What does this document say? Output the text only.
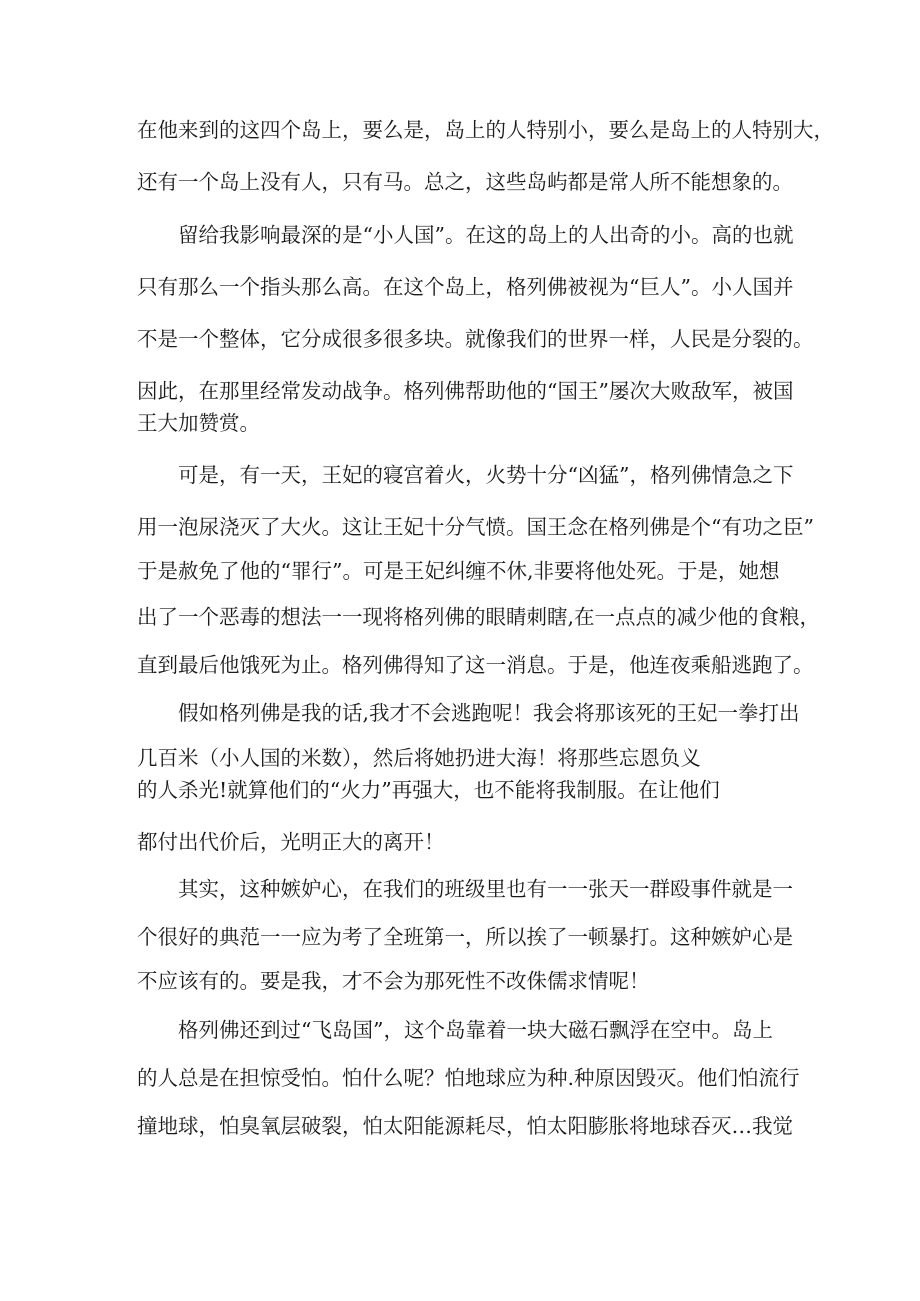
在他来到的这四个岛上，要么是，岛上的人特别小，要么是岛上的人特别大，
还有一个岛上没有人，只有马。总之，这些岛屿都是常人所不能想象的。
留给我影响最深的是“小人国”。在这的岛上的人出奇的小。高的也就
只有那么一个指头那么高。在这个岛上，格列佛被视为“巨人”。小人国并
不是一个整体，它分成很多很多块。就像我们的世界一样，人民是分裂的。
因此，在那里经常发动战争。格列佛帮助他的“国王”屡次大败敌军，被国
王大加赞赏。
可是，有一天，王妃的寝宫着火，火势十分“凶猛”，格列佛情急之下
用一泡尿浇灭了大火。这让王妃十分气愤。国王念在格列佛是个“有功之臣”
于是赦免了他的“罪行”。可是王妃纠缠不休,非要将他处死。于是，她想
出了一个恶毒的想法一一现将格列佛的眼睛刺瞎,在一点点的减少他的食粮，
直到最后他饿死为止。格列佛得知了这一消息。于是，他连夜乘船逃跑了。
假如格列佛是我的话,我才不会逃跑呢！我会将那该死的王妃一拳打出
几百米（小人国的米数），然后将她扔进大海！将那些忘恩负义
的人杀光!就算他们的“火力”再强大，也不能将我制服。在让他们
都付出代价后，光明正大的离开！
其实，这种嫉妒心，在我们的班级里也有一一张天一群殴事件就是一
个很好的典范一一应为考了全班第一，所以挨了一顿暴打。这种嫉妒心是
不应该有的。要是我，才不会为那死性不改侏儒求情呢！
格列佛还到过“飞岛国”，这个岛靠着一块大磁石飘浮在空中。岛上
的人总是在担惊受怕。怕什么呢？怕地球应为种.种原因毁灭。他们怕流行
撞地球，怕臭氧层破裂，怕太阳能源耗尽，怕太阳膨胀将地球吞灭…我觉
